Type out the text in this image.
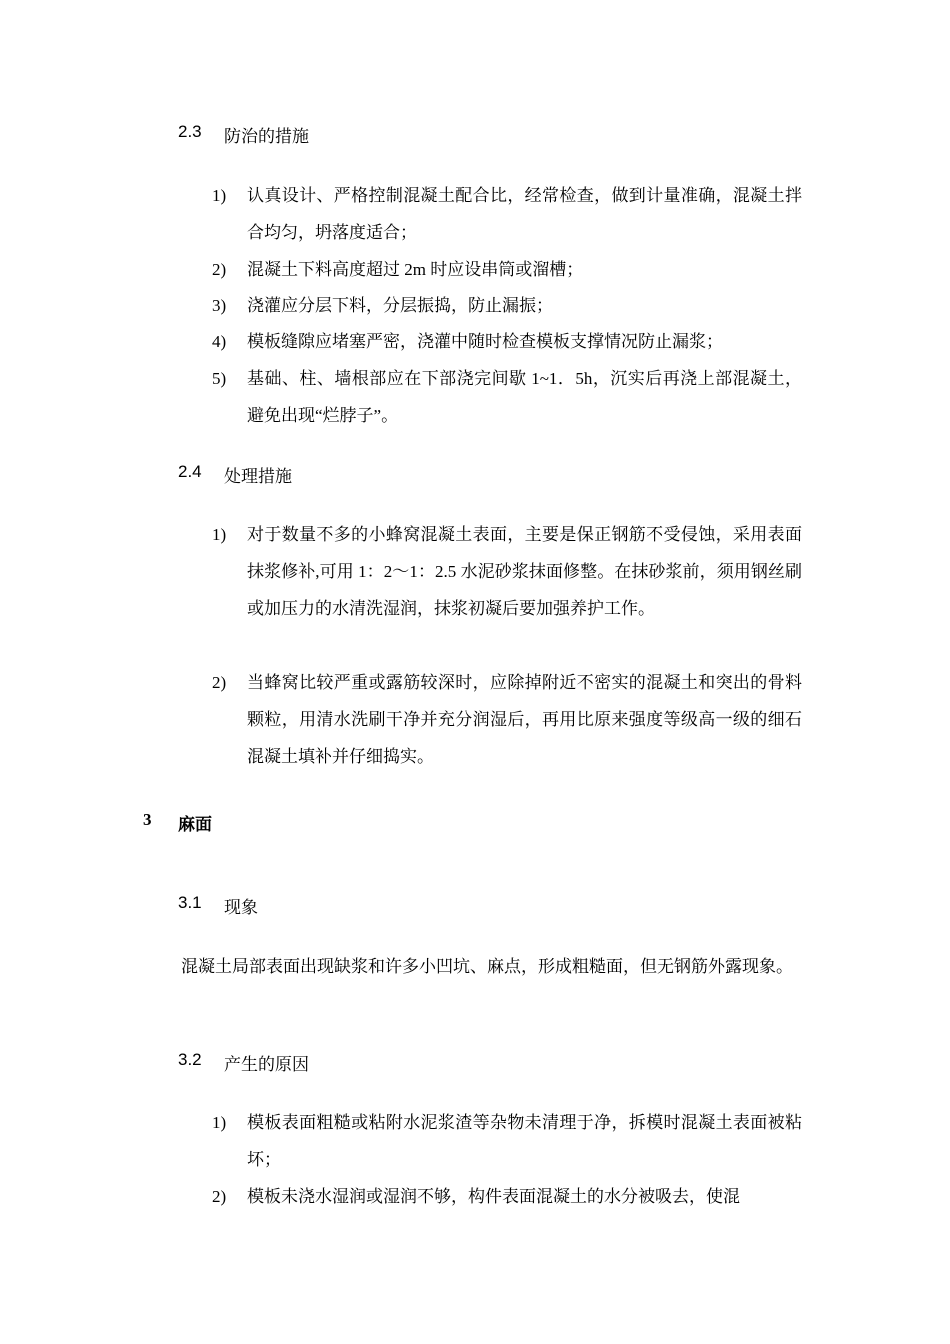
2.3 防治的措施
1) 认真设计、严格控制混凝土配合比，经常检查，做到计量准确，混凝土拌合均匀，坍落度适合；
2) 混凝土下料高度超过 2m 时应设串筒或溜槽；
3) 浇灌应分层下料，分层振捣，防止漏振；
4) 模板缝隙应堵塞严密，浇灌中随时检查模板支撑情况防止漏浆；
5) 基础、柱、墙根部应在下部浇完间歇 1~1．5h，沉实后再浇上部混凝土，避免出现“烂脖子”。
2.4 处理措施
1) 对于数量不多的小蜂窝混凝土表面，主要是保正钢筋不受侵蚀，采用表面抹浆修补,可用 1：2～1：2.5 水泥砂浆抹面修整。在抹砂浆前，须用钢丝刷或加压力的水清洗湿润，抹浆初凝后要加强养护工作。
2) 当蜂窝比较严重或露筋较深时，应除掉附近不密实的混凝土和突出的骨料颗粒，用清水洗刷干净并充分润湿后，再用比原来强度等级高一级的细石混凝土填补并仔细捣实。
3 麻面
3.1 现象
混凝土局部表面出现缺浆和许多小凹坑、麻点，形成粗糙面，但无钢筋外露现象。
3.2 产生的原因
1) 模板表面粗糙或粘附水泥浆渣等杂物未清理于净，拆模时混凝土表面被粘坏；
2) 模板未浇水湿润或湿润不够，构件表面混凝土的水分被吸去，使混
